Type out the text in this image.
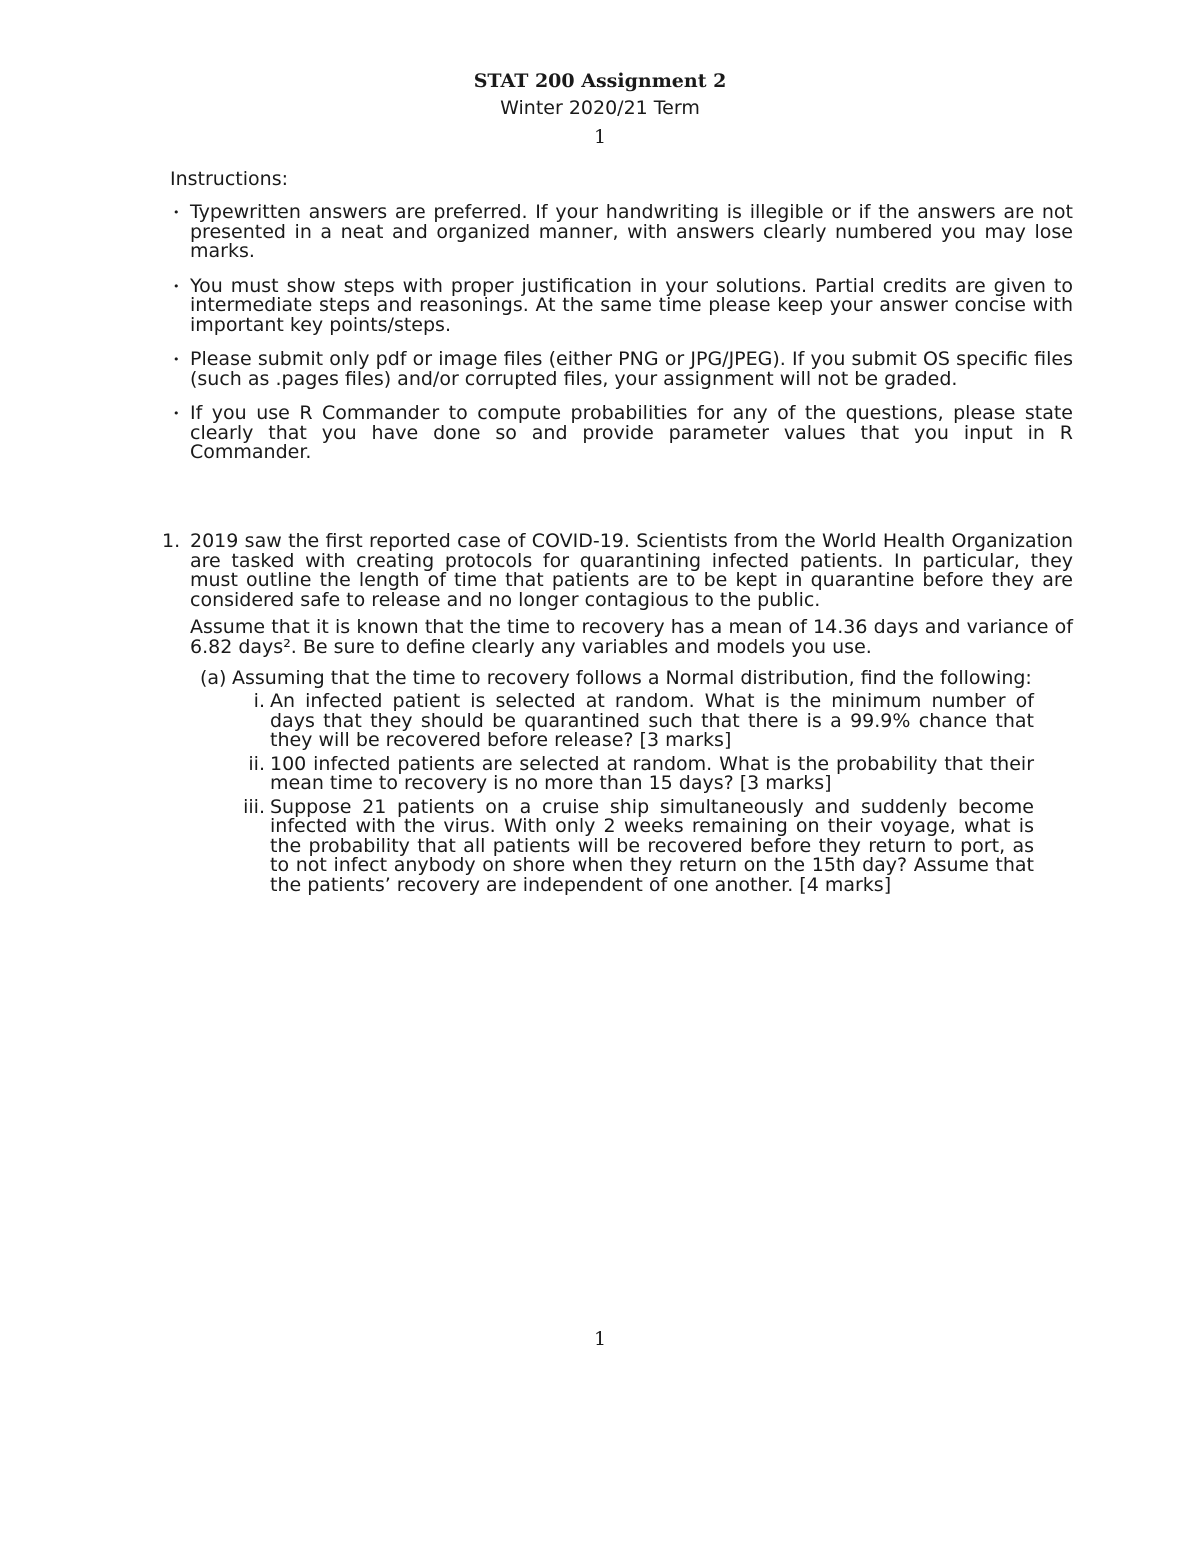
STAT 200 Assignment 2
Winter 2020/21 Term
1
Instructions:
• Typewritten answers are preferred. If your handwriting is illegible or if the answers are not presented in a neat and organized manner, with answers clearly numbered you may lose marks.
• You must show steps with proper justification in your solutions. Partial credits are given to intermediate steps and reasonings. At the same time please keep your answer concise with important key points/steps.
• Please submit only pdf or image files (either PNG or JPG/JPEG). If you submit OS specific files (such as .pages files) and/or corrupted files, your assignment will not be graded.
• If you use R Commander to compute probabilities for any of the questions, please state clearly that you have done so and provide parameter values that you input in R Commander.
1. 2019 saw the first reported case of COVID-19. Scientists from the World Health Organization are tasked with creating protocols for quarantining infected patients. In particular, they must outline the length of time that patients are to be kept in quarantine before they are considered safe to release and no longer contagious to the public.

Assume that it is known that the time to recovery has a mean of 14.36 days and variance of 6.82 days². Be sure to define clearly any variables and models you use.

(a) Assuming that the time to recovery follows a Normal distribution, find the following:
i. An infected patient is selected at random. What is the minimum number of days that they should be quarantined such that there is a 99.9% chance that they will be recovered before release? [3 marks]
ii. 100 infected patients are selected at random. What is the probability that their mean time to recovery is no more than 15 days? [3 marks]
iii. Suppose 21 patients on a cruise ship simultaneously and suddenly become infected with the virus. With only 2 weeks remaining on their voyage, what is the probability that all patients will be recovered before they return to port, as to not infect anybody on shore when they return on the 15th day? Assume that the patients’ recovery are independent of one another. [4 marks]
1
